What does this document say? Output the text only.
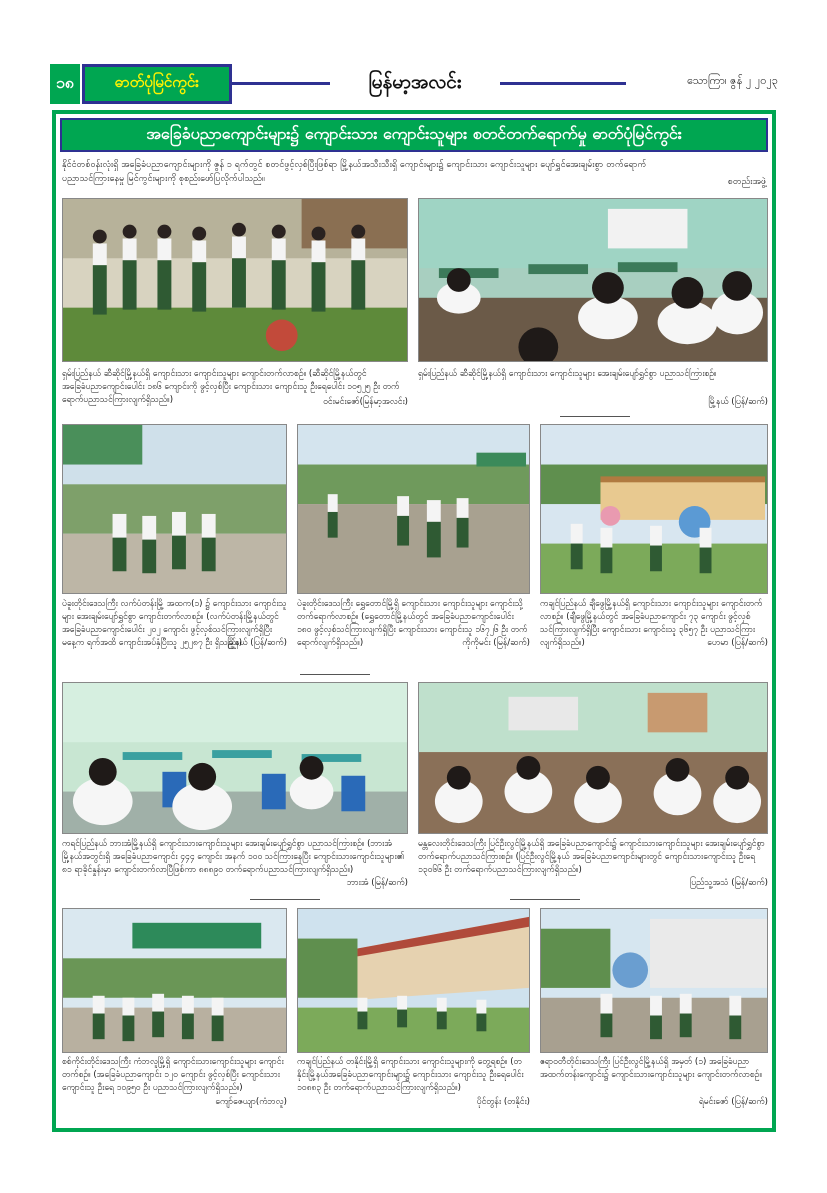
၁၈	ဓာတ်ပုံမြင်ကွင်း	မြန်မာ့အလင်း	သောကြာ၊ ဇွန် ၂ ၂၀၂၃
အခြေခံပညာကျောင်းများ၌ ကျောင်းသား ကျောင်းသူများ စတင်တက်ရောက်မှု ဓာတ်ပုံမြင်ကွင်း
နိုင်ငံတစ်ဝန်းလုံးရှိ အခြေခံပညာကျောင်းများကို ဇွန် ၁ ရက်တွင် စတင်ဖွင့်လှစ်ပြီးဖြစ်ရာ မြို့နယ်အသီးသီးရှိ ကျောင်းများ၌ ကျောင်းသား ကျောင်းသူများ ပျော်ရွှင်အေးချမ်းစွာ တက်ရောက်ပညာသင်ကြားနေမှု မြင်ကွင်းများကို စုစည်းဖော်ပြလိုက်ပါသည်။	စတည်းအဖွဲ့
ရှမ်းပြည်နယ် ဆီဆိုင်မြို့နယ်ရှိ ကျောင်းသား ကျောင်းသူများ ကျောင်းတက်လာစဉ်။ (ဆီဆိုင်မြို့နယ်တွင် အခြေခံပညာကျောင်းပေါင်း ၁၈၆ ကျောင်းကို ဖွင့်လှစ်ပြီး ကျောင်းသား ကျောင်းသူ ဦးရေပေါင်း ၁၀၅၂၅ ဦး တက်ရောက်ပညာသင်ကြားလျက်ရှိသည်။)	ဝင်းမင်းဇော်(မြန်မာ့အလင်း)
ရှမ်းပြည်နယ် ဆီဆိုင်မြို့နယ်ရှိ ကျောင်းသား ကျောင်းသူများ အေးချမ်းပျော်ရွှင်စွာ ပညာသင်ကြားစဉ်။
မြို့နယ် (ပြန်/ဆက်)
ပဲခူးတိုင်းဒေသကြီး လက်ပံတန်းမြို့ အထက(၁) ၌ ကျောင်းသား ကျောင်းသူများ အေးချမ်းပျော်ရွှင်စွာ ကျောင်းတက်လာစဉ်။ (လက်ပံတန်းမြို့နယ်တွင် အခြေခံပညာကျောင်းပေါင်း ၂၀၂ ကျောင်း ဖွင့်လှစ်သင်ကြားလျက်ရှိပြီး မနေ့က ရက်အထိ ကျောင်းအပ်နှံပြီးသူ ၂၅၂၈၇ ဦး ရှိသည်။)
မြို့နယ် (ပြန်/ဆက်)
ပဲခူးတိုင်းဒေသကြီး ရွှေတောင်မြို့ရှိ ကျောင်းသား ကျောင်းသူများ ကျောင်းသို့ တက်ရောက်လာစဉ်။ (ရွှေတောင်မြို့နယ်တွင် အခြေခံပညာကျောင်းပေါင်း ၁၈၀ ဖွင့်လှစ်သင်ကြားလျက်ရှိပြီး ကျောင်းသား ကျောင်းသူ ၁၆၇၂၆ ဦး တက်ရောက်လျက်ရှိသည်။)	ကိုကိုမင်း (မြန်/ဆက်)
ကချင်ပြည်နယ် ချီဖွေမြို့နယ်ရှိ ကျောင်းသား ကျောင်းသူများ ကျောင်းတက်လာစဉ်။ (ချီဖွေမြို့နယ်တွင် အခြေခံပညာကျောင်း ၇၃ ကျောင်း ဖွင့်လှစ်သင်ကြားလျက်ရှိပြီး ကျောင်းသား ကျောင်းသူ ၃၆၅၇ ဦး ပညာသင်ကြားလျက်ရှိသည်။)	ဟေမာ (ပြန်/ဆက်)
ကရင်ပြည်နယ် ဘားအံမြို့နယ်ရှိ ကျောင်းသားကျောင်းသူများ အေးချမ်းပျော်ရွှင်စွာ ပညာသင်ကြားစဉ်။ (ဘားအံမြို့နယ်အတွင်းရှိ အခြေခံပညာကျောင်း ၄၄၄ ကျောင်း အနက် ၁၀၀ သင်ကြားနေပြီး ကျောင်းသားကျောင်းသူများ၏ ၈၁ ရာခိုင်နှုန်းမှာ ကျောင်းတက်လာပြီဖြစ်ကာ ၈၈၈၉၀ တက်ရောက်ပညာသင်ကြားလျက်ရှိသည်။)
ဘားအံ (မြန်/ဆက်)
မန္တလေးတိုင်းဒေသကြီး ပြင်ဦးလွင်မြို့နယ်ရှိ အခြေခံပညာကျောင်း၌ ကျောင်းသားကျောင်းသူများ အေးချမ်းပျော်ရွှင်စွာ တက်ရောက်ပညာသင်ကြားစဉ်။ (ပြင်ဦးလွင်မြို့နယ် အခြေခံပညာကျောင်းများတွင် ကျောင်းသားကျောင်းသူ ဦးရေ ၁၃၀၆၆ ဦး တက်ရောက်ပညာသင်ကြားလျက်ရှိသည်။)
ပြည်သူ့အသံ (မြန်/ဆက်)
စစ်ကိုင်းတိုင်းဒေသကြီး ကံဘလူမြို့ရှိ ကျောင်းသားကျောင်းသူများ ကျောင်းတက်စဉ်။ (အခြေခံပညာကျောင်း ၁၂၀ ကျောင်း ဖွင့်လှစ်ပြီး ကျောင်းသားကျောင်းသူ ဦးရေ ၁၀၉၅၀ ဦး ပညာသင်ကြားလျက်ရှိသည်။)
ကျော်ဇေယျာ(ကံဘလူ)
ကချင်ပြည်နယ် တနိုင်းမြို့ရှိ ကျောင်းသား ကျောင်းသူများကို တွေ့ရစဉ်။ (တနိုင်းမြို့နယ်အခြေခံပညာကျောင်းများ၌ ကျောင်းသား ကျောင်းသူ ဦးရေပေါင်း ၁၀၈၈၃ ဦး တက်ရောက်ပညာသင်ကြားလျက်ရှိသည်။)
ပိုင်တွန်း (တနိုင်း)
ဧရာဝတီတိုင်းဒေသကြီး ပြင်ဦးလွင်မြို့နယ်ရှိ အမှတ် (၁) အခြေခံပညာ အထက်တန်းကျောင်း၌ ကျောင်းသားကျောင်းသူများ ကျောင်းတက်လာစဉ်။
ရဲမင်းဇော် (ပြန်/ဆက်)
